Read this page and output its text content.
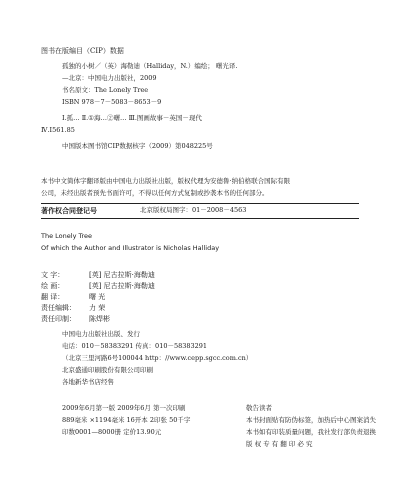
图书在版编目（CIP）数据
孤独的小树／（英）海勒迪（Halliday，N.）编绘； 曙光译.
—北京：中国电力出版社，2009
书名原文：The Lonely Tree
ISBN 978－7－5083－8653－9
Ⅰ.孤… Ⅱ.①海…②曙… Ⅲ.图画故事－英国－现代
Ⅳ.I561.85
中国版本图书馆CIP数据核字（2009）第048225号
本书中文简体字翻译版由中国电力出版社出版，版权代理为安德鲁·纳伯格联合国际有限
公司，未经出版者预先书面许可，不得以任何方式复制或抄袭本书的任何部分。
著作权合同登记号	北京版权局图字：01－2008－4563
The Lonely Tree
Of which the Author and Illustrator is Nicholas Halliday
文 字：	[英] 尼古拉斯·海勒迪
绘 画：	[英] 尼古拉斯·海勒迪
翻 译：	曙 光
责任编辑：	力 荣
责任印制：	陈焊彬
中国电力出版社出版、发行
电话：010－58383291 传真：010－58383291
（北京三里河路6号100044 http：//www.cepp.sgcc.com.cn）
北京盛通印刷股份有限公司印刷
各地新华书店经售
2009年6月第一版 2009年6月 第一次印刷
889毫米 ×1194毫米 16开本 2印张 50千字
印数0001—8000册 定价13.90元
敬告读者
本书封面贴有防伪标签，加热后中心图案消失
本书如有印装质量问题，我社发行部负责退换
版 权 专 有 翻 印 必 究
